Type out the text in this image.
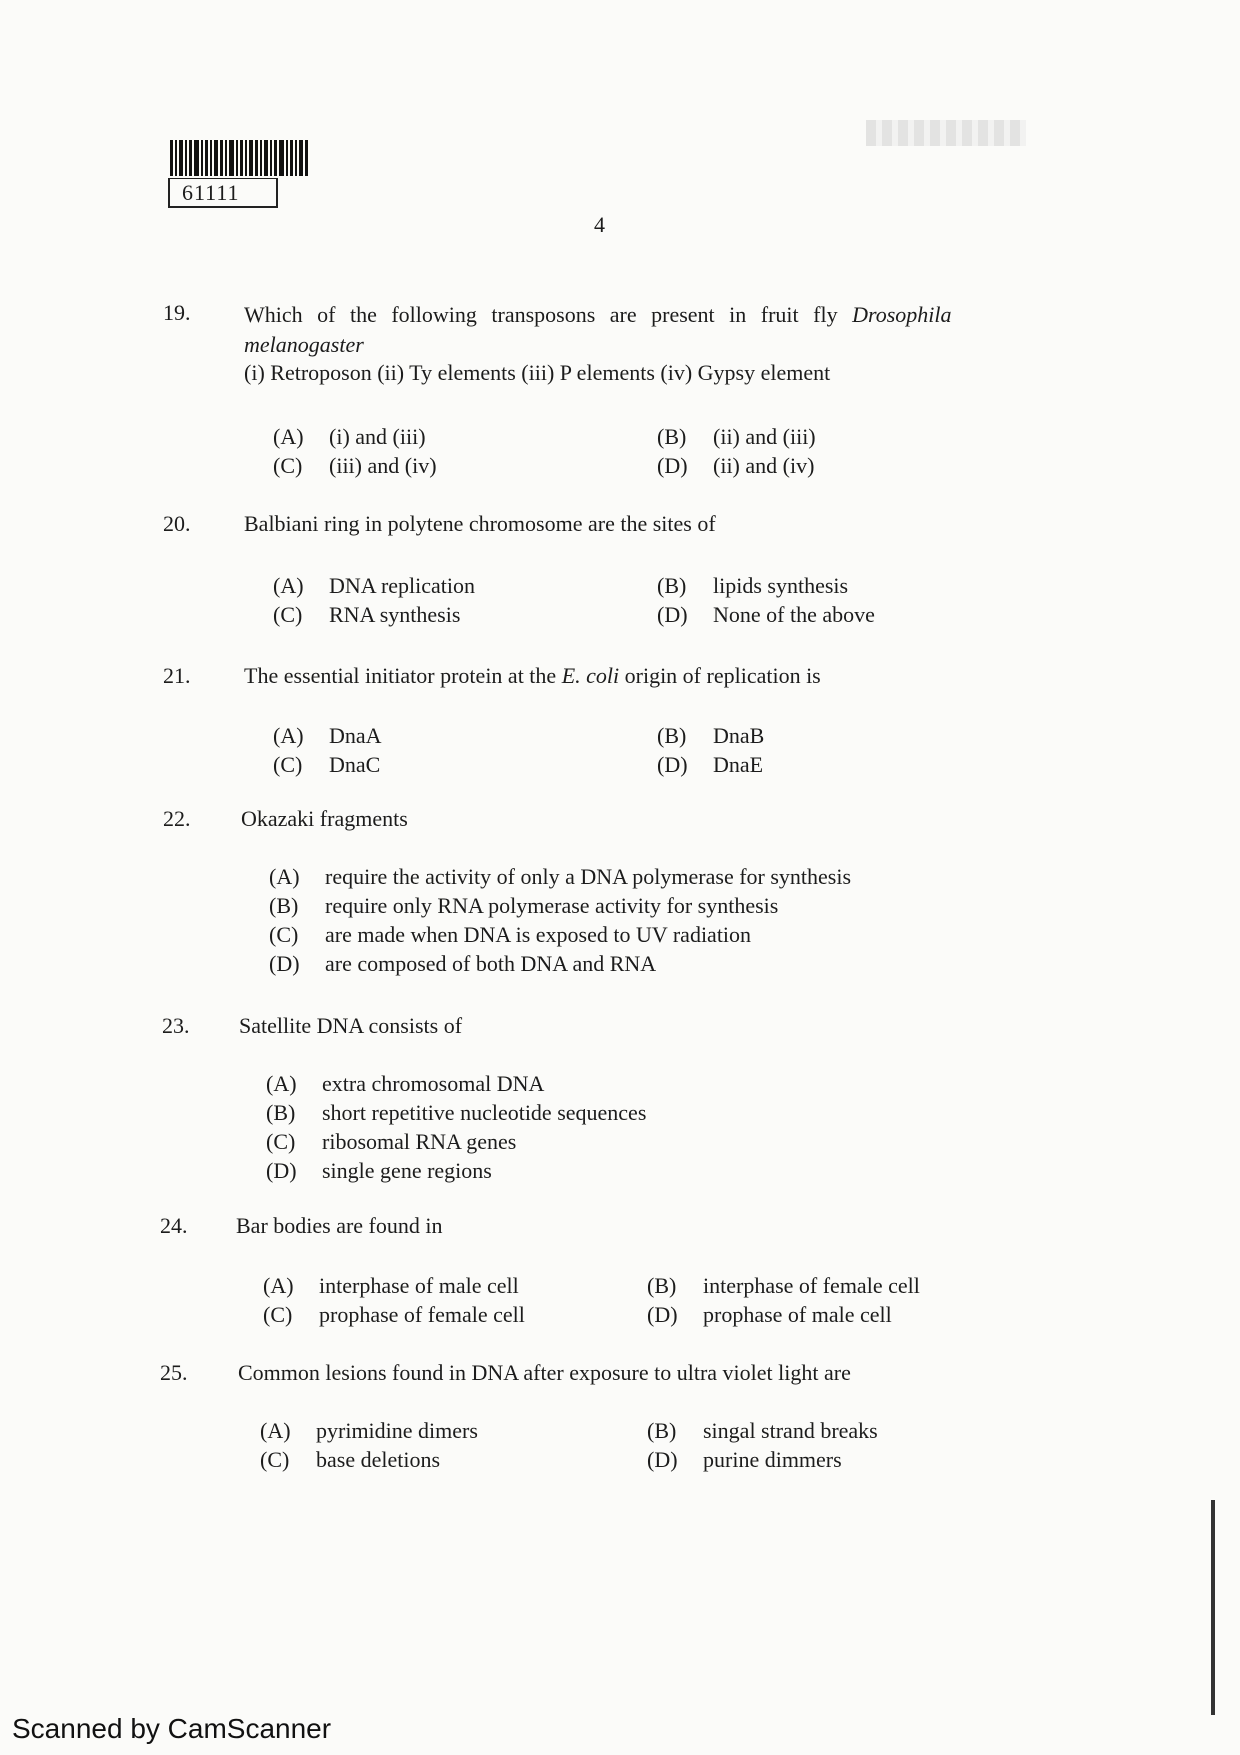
61111
4
19. Which of the following transposons are present in fruit fly Drosophila
melanogaster
(i) Retroposon (ii) Ty elements (iii) P elements (iv) Gypsy element
(A)	(i) and (iii)	(B)	(ii) and (iii)
(C)	(iii) and (iv)	(D)	(ii) and (iv)
20. Balbiani ring in polytene chromosome are the sites of
(A)	DNA replication	(B)	lipids synthesis
(C)	RNA synthesis	(D)	None of the above
21. The essential initiator protein at the E. coli origin of replication is
(A)	DnaA	(B)	DnaB
(C)	DnaC	(D)	DnaE
22. Okazaki fragments
(A)	require the activity of only a DNA polymerase for synthesis
(B)	require only RNA polymerase activity for synthesis
(C)	are made when DNA is exposed to UV radiation
(D)	are composed of both DNA and RNA
23. Satellite DNA consists of
(A)	extra chromosomal DNA
(B)	short repetitive nucleotide sequences
(C)	ribosomal RNA genes
(D)	single gene regions
24. Bar bodies are found in
(A)	interphase of male cell	(B)	interphase of female cell
(C)	prophase of female cell	(D)	prophase of male cell
25. Common lesions found in DNA after exposure to ultra violet light are
(A)	pyrimidine dimers	(B)	singal strand breaks
(C)	base deletions	(D)	purine dimmers
Scanned by CamScanner
